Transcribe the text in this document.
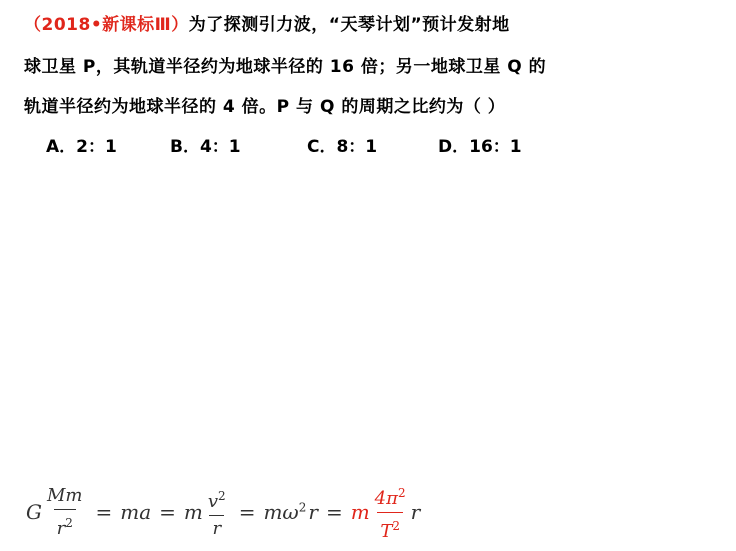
（2018•新课标Ⅲ）为了探测引力波，“天琴计划”预计发射地
球卫星 P，其轨道半径约为地球半径的 16 倍；另一地球卫星 Q 的
轨道半径约为地球半径的 4 倍。P 与 Q 的周期之比约为（ ）
A．2：1	B．4：1	C．8：1	D．16：1
G $\frac{Mm}{r^2}$ = ma = m $\frac{v^2}{r} = m\omega^2$ r = m $\frac{4\pi^2}{T^2}$ r
